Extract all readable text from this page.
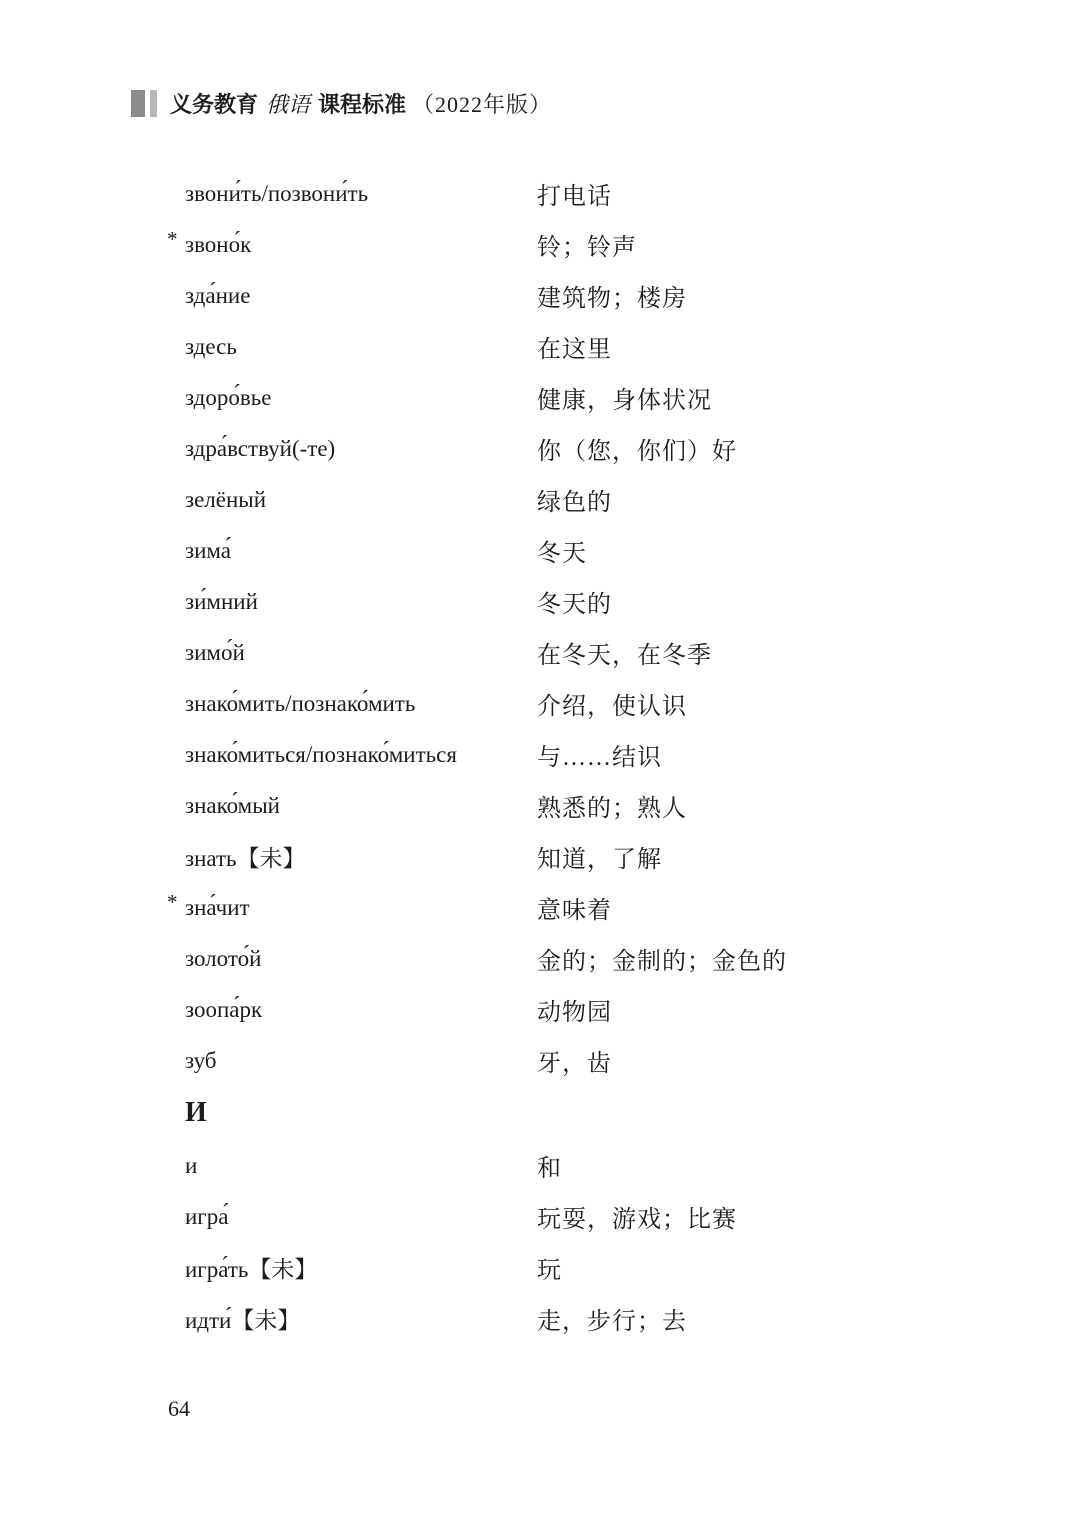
义务教育 俄语 课程标准 （2022年版）
звони́ть/позвони́ть	打电话
* звоно́к	铃；铃声
зда́ние	建筑物；楼房
здесь	在这里
здоро́вье	健康，身体状况
здра́вствуй(-те)	你（您，你们）好
зелёный	绿色的
зима́	冬天
зи́мний	冬天的
зимо́й	在冬天，在冬季
знако́мить/познако́мить	介绍，使认识
знако́миться/познако́миться	与……结识
знако́мый	熟悉的；熟人
знать【未】	知道，了解
* зна́чит	意味着
золото́й	金的；金制的；金色的
зоопа́рк	动物园
зуб	牙，齿
И
и	和
игра́	玩耍，游戏；比赛
игра́ть【未】	玩
идти́【未】	走，步行；去
64
